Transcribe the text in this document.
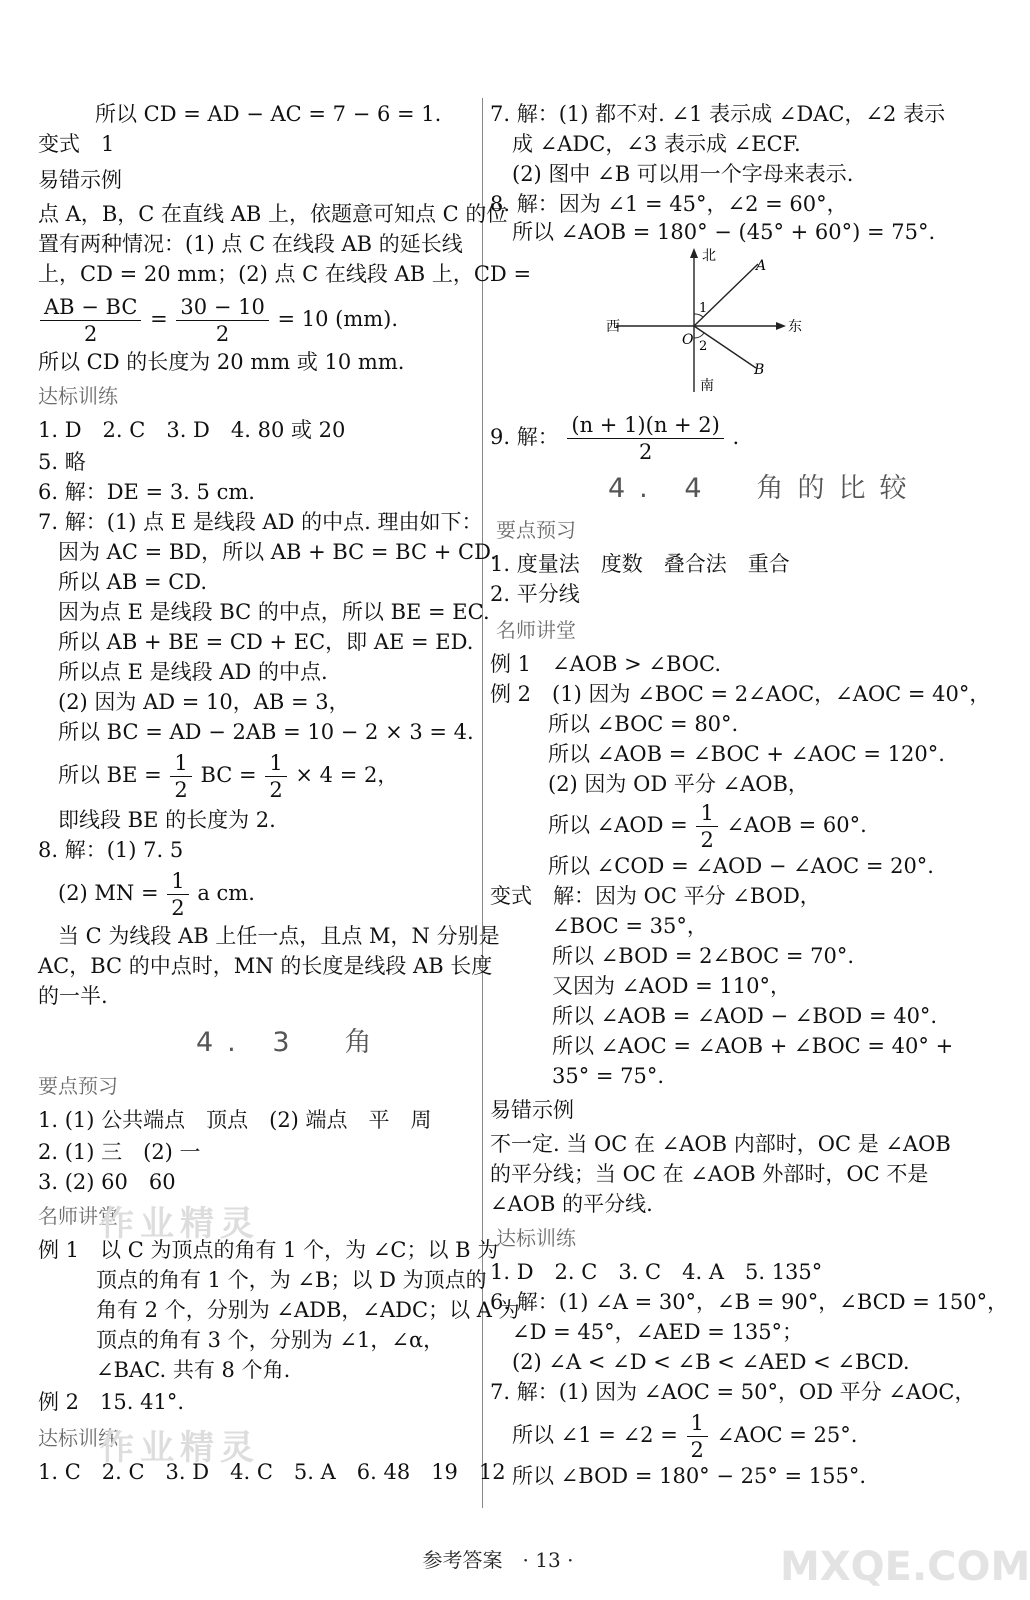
所以 CD = AD − AC = 7 − 6 = 1.
变式　1
易错示例
点 A，B，C 在直线 AB 上，依题意可知点 C 的位
置有两种情况：(1) 点 C 在线段 AB 的延长线
上，CD = 20 mm；(2) 点 C 在线段 AB 上，CD =
$\frac{AB - BC}{2} = \frac{30 - 10}{2} = 10$ (mm).
所以 CD 的长度为 20 mm 或 10 mm.
达标训练
1. D　2. C　3. D　4. 80 或 20
5. 略
6. 解：DE = 3. 5 cm.
7. 解：(1) 点 E 是线段 AD 的中点. 理由如下：
因为 AC = BD，所以 AB + BC = BC + CD.
所以 AB = CD.
因为点 E 是线段 BC 的中点，所以 BE = EC.
所以 AB + BE = CD + EC，即 AE = ED.
所以点 E 是线段 AD 的中点.
(2) 因为 AD = 10，AB = 3，
所以 BC = AD − 2AB = 10 − 2 × 3 = 4.
所以 BE = $\frac{1}{2}$ BC = $\frac{1}{2} \times 4 = 2$，
即线段 BE 的长度为 2.
8. 解：(1) 7. 5
(2) MN = $\frac{1}{2}$ a cm.
当 C 为线段 AB 上任一点，且点 M，N 分别是
AC，BC 的中点时，MN 的长度是线段 AB 长度
的一半.
4. 3　角
要点预习
1. (1) 公共端点　顶点　(2) 端点　平　周
2. (1) 三　(2) 一
3. (2) 60　60
名师讲堂
例 1　以 C 为顶点的角有 1 个，为 ∠C；以 B 为
顶点的角有 1 个，为 ∠B；以 D 为顶点的
角有 2 个，分别为 ∠ADB，∠ADC；以 A 为
顶点的角有 3 个，分别为 ∠1，∠α，
∠BAC. 共有 8 个角.
例 2　15. 41°.
达标训练
1. C　2. C　3. D　4. C　5. A　6. 48　19　12
7. 解：(1) 都不对. ∠1 表示成 ∠DAC，∠2 表示
成 ∠ADC，∠3 表示成 ∠ECF.
(2) 图中 ∠B 可以用一个字母来表示.
8. 解：因为 ∠1 = 45°，∠2 = 60°，
所以 ∠AOB = 180° − (45° + 60°) = 75°.
北
南
西	东
O
A
B
1
2
9. 解： $\frac{(n + 1)(n + 2)}{2}$ .
4. 4　角的比较
要点预习
1. 度量法　度数　叠合法　重合
2. 平分线
名师讲堂
例 1　∠AOB > ∠BOC.
例 2　(1) 因为 ∠BOC = 2∠AOC，∠AOC = 40°，
所以 ∠BOC = 80°.
所以 ∠AOB = ∠BOC + ∠AOC = 120°.
(2) 因为 OD 平分 ∠AOB，
所以 ∠AOD = $\frac{1}{2}$ ∠AOB = 60°.
所以 ∠COD = ∠AOD − ∠AOC = 20°.
变式　解：因为 OC 平分 ∠BOD，
∠BOC = 35°，
所以 ∠BOD = 2∠BOC = 70°.
又因为 ∠AOD = 110°，
所以 ∠AOB = ∠AOD − ∠BOD = 40°.
所以 ∠AOC = ∠AOB + ∠BOC = 40° +
35° = 75°.
易错示例
不一定. 当 OC 在 ∠AOB 内部时，OC 是 ∠AOB
的平分线；当 OC 在 ∠AOB 外部时，OC 不是
∠AOB 的平分线.
达标训练
1. D　2. C　3. C　4. A　5. 135°
6. 解：(1) ∠A = 30°，∠B = 90°，∠BCD = 150°，
∠D = 45°，∠AED = 135°；
(2) ∠A < ∠D < ∠B < ∠AED < ∠BCD.
7. 解：(1) 因为 ∠AOC = 50°，OD 平分 ∠AOC，
所以 ∠1 = ∠2 = $\frac{1}{2}$ ∠AOC = 25°.
所以 ∠BOD = 180° − 25° = 155°.
作业精灵
作业精灵
MXQE.COM
参考答案　· 13 ·
